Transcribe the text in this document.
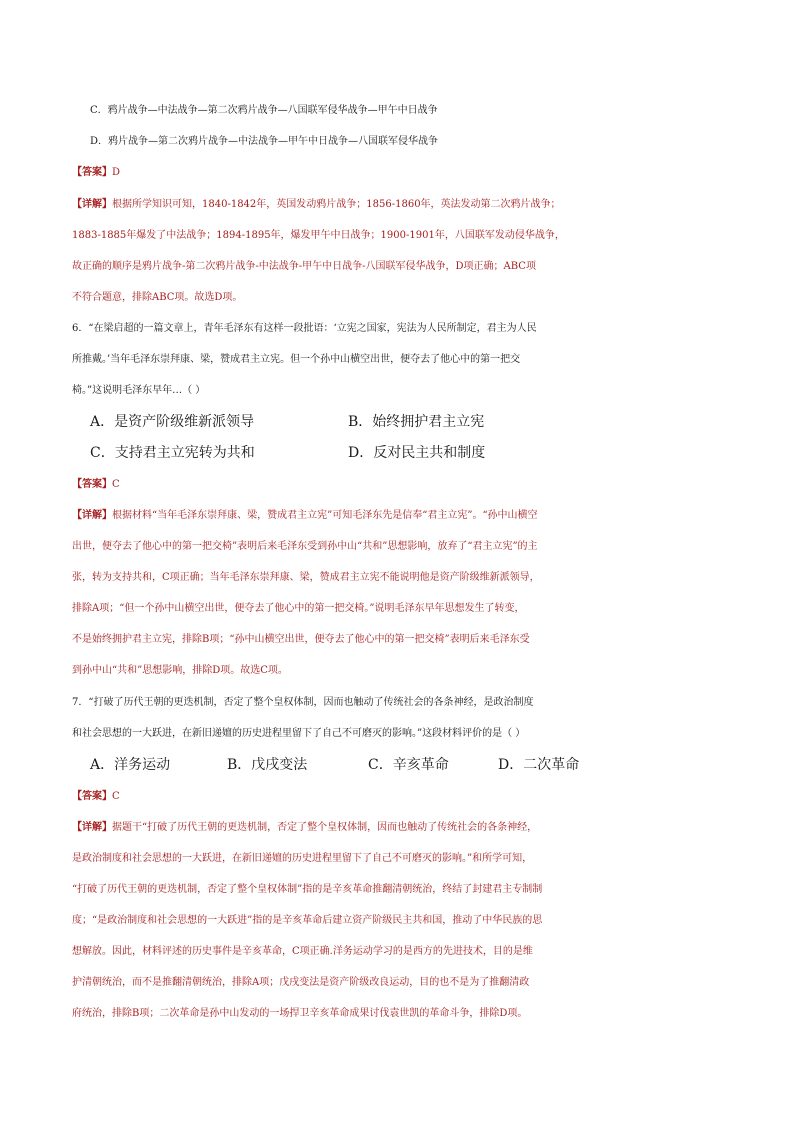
C．鸦片战争—中法战争—第二次鸦片战争—八国联军侵华战争—甲午中日战争
D．鸦片战争—第二次鸦片战争—中法战争—甲午中日战争—八国联军侵华战争
【答案】D
【详解】根据所学知识可知，1840-1842年，英国发动鸦片战争；1856-1860年，英法发动第二次鸦片战争；
1883-1885年爆发了中法战争；1894-1895年，爆发甲午中日战争；1900-1901年，八国联军发动侵华战争，
故正确的顺序是鸦片战争-第二次鸦片战争-中法战争-甲午中日战争-八国联军侵华战争，D项正确；ABC项
不符合题意，排除ABC项。故选D项。
6．“在梁启超的一篇文章上，青年毛泽东有这样一段批语：‘立宪之国家，宪法为人民所制定，君主为人民
所推戴。’当年毛泽东崇拜康、梁，赞成君主立宪。但一个孙中山横空出世，便夺去了他心中的第一把交
椅。”这说明毛泽东早年…（ ）
A．是资产阶级维新派领导	B．始终拥护君主立宪
C．支持君主立宪转为共和	D．反对民主共和制度
【答案】C
【详解】根据材料“当年毛泽东崇拜康、梁，赞成君主立宪”可知毛泽东先是信奉“君主立宪”。“孙中山横空
出世，便夺去了他心中的第一把交椅”表明后来毛泽东受到孙中山“共和”思想影响，放弃了“君主立宪”的主
张，转为支持共和，C项正确；当年毛泽东崇拜康、梁，赞成君主立宪不能说明他是资产阶级维新派领导，
排除A项；“但一个孙中山横空出世，便夺去了他心中的第一把交椅。”说明毛泽东早年思想发生了转变，
不是始终拥护君主立宪，排除B项；“孙中山横空出世，便夺去了他心中的第一把交椅”表明后来毛泽东受
到孙中山“共和”思想影响，排除D项。故选C项。
7．“打破了历代王朝的更迭机制，否定了整个皇权体制，因而也触动了传统社会的各条神经，是政治制度
和社会思想的一大跃进，在新旧递嬗的历史进程里留下了自己不可磨灭的影响。”这段材料评价的是（ ）
A．洋务运动	B．戊戌变法	C．辛亥革命	D．二次革命
【答案】C
【详解】据题干“打破了历代王朝的更迭机制，否定了整个皇权体制，因而也触动了传统社会的各条神经，
是政治制度和社会思想的一大跃进，在新旧递嬗的历史进程里留下了自己不可磨灭的影响。”和所学可知，
“打破了历代王朝的更迭机制，否定了整个皇权体制”指的是辛亥革命推翻清朝统治，终结了封建君主专制制
度；“是政治制度和社会思想的一大跃进”指的是辛亥革命后建立资产阶级民主共和国，推动了中华民族的思
想解放。因此，材料评述的历史事件是辛亥革命，C项正确.洋务运动学习的是西方的先进技术，目的是维
护清朝统治，而不是推翻清朝统治，排除A项；戊戌变法是资产阶级改良运动，目的也不是为了推翻清政
府统治，排除B项；二次革命是孙中山发动的一场捍卫辛亥革命成果讨伐袁世凯的革命斗争，排除D项。
